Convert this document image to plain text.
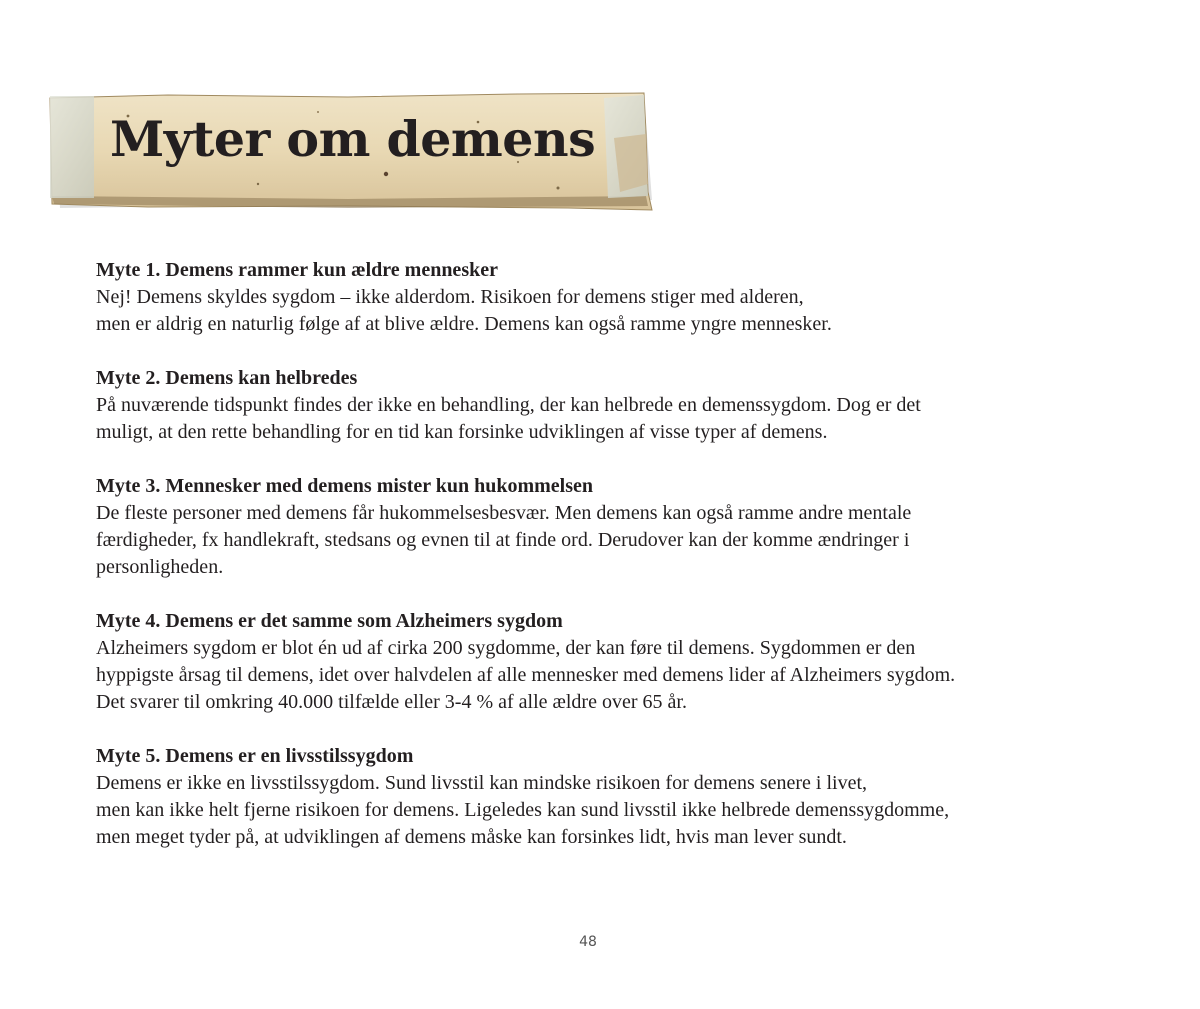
Myter om demens
Myte 1. Demens rammer kun ældre mennesker
Nej! Demens skyldes sygdom – ikke alderdom. Risikoen for demens stiger med alderen,
men er aldrig en naturlig følge af at blive ældre. Demens kan også ramme yngre mennesker.
Myte 2. Demens kan helbredes
På nuværende tidspunkt findes der ikke en behandling, der kan helbrede en demenssygdom. Dog er det
muligt, at den rette behandling for en tid kan forsinke udviklingen af visse typer af demens.
Myte 3. Mennesker med demens mister kun hukommelsen
De fleste personer med demens får hukommelsesbesvær. Men demens kan også ramme andre mentale
færdigheder, fx handlekraft, stedsans og evnen til at finde ord. Derudover kan der komme ændringer i
personligheden.
Myte 4. Demens er det samme som Alzheimers sygdom
Alzheimers sygdom er blot én ud af cirka 200 sygdomme, der kan føre til demens. Sygdommen er den
hyppigste årsag til demens, idet over halvdelen af alle mennesker med demens lider af Alzheimers sygdom.
Det svarer til omkring 40.000 tilfælde eller 3-4 % af alle ældre over 65 år.
Myte 5. Demens er en livsstilssygdom
Demens er ikke en livsstilssygdom. Sund livsstil kan mindske risikoen for demens senere i livet,
men kan ikke helt fjerne risikoen for demens. Ligeledes kan sund livsstil ikke helbrede demenssygdomme,
men meget tyder på, at udviklingen af demens måske kan forsinkes lidt, hvis man lever sundt.
48
